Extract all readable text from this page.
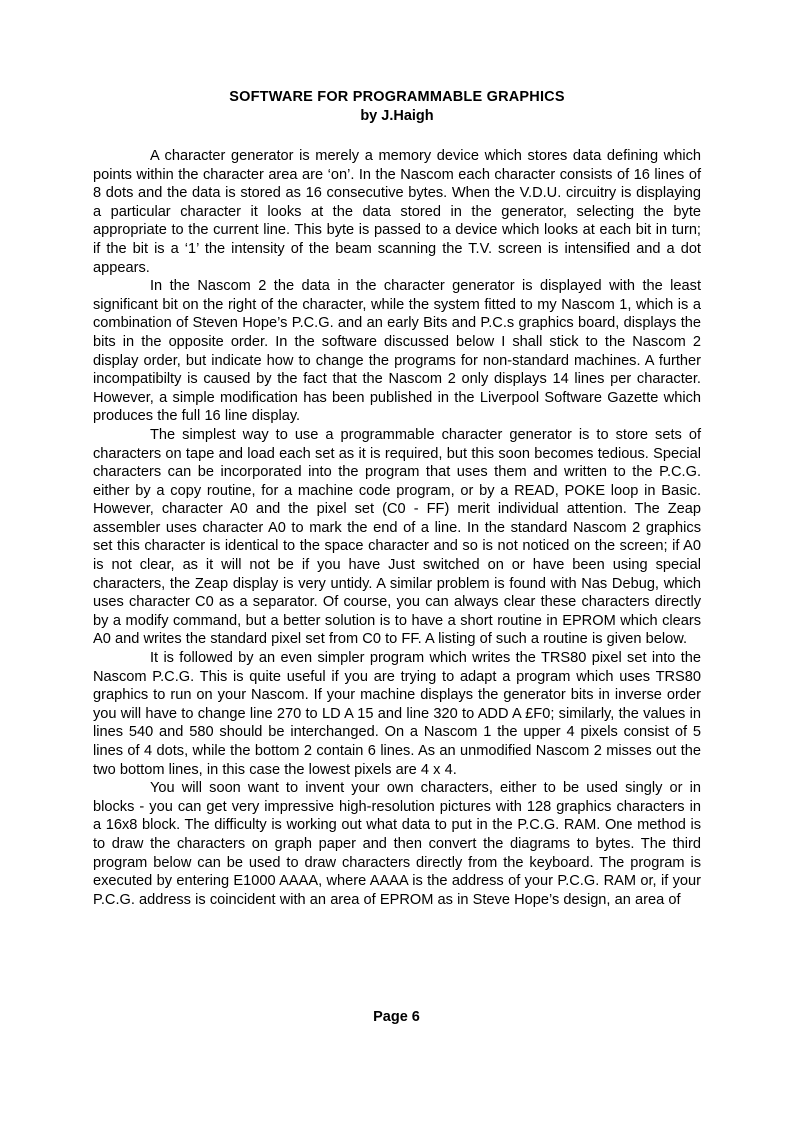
SOFTWARE FOR PROGRAMMABLE GRAPHICS
by J.Haigh

A character generator is merely a memory device which stores data defining which points within the character area are ‘on’. In the Nascom each character consists of 16 lines of 8 dots and the data is stored as 16 consecutive bytes. When the V.D.U. circuitry is displaying a particular character it looks at the data stored in the generator, selecting the byte appropriate to the current line. This byte is passed to a device which looks at each bit in turn; if the bit is a ‘1’ the intensity of the beam scanning the T.V. screen is intensified and a dot appears.

In the Nascom 2 the data in the character generator is displayed with the least significant bit on the right of the character, while the system fitted to my Nascom 1, which is a combination of Steven Hope’s P.C.G. and an early Bits and P.C.s graphics board, displays the bits in the opposite order. In the software discussed below I shall stick to the Nascom 2 display order, but indicate how to change the programs for non-standard machines. A further incompatibilty is caused by the fact that the Nascom 2 only displays 14 lines per character. However, a simple modification has been published in the Liverpool Software Gazette which produces the full 16 line display.

The simplest way to use a programmable character generator is to store sets of characters on tape and load each set as it is required, but this soon becomes tedious. Special characters can be incorporated into the program that uses them and written to the P.C.G. either by a copy routine, for a machine code program, or by a READ, POKE loop in Basic. However, character A0 and the pixel set (C0 - FF) merit individual attention. The Zeap assembler uses character A0 to mark the end of a line. In the standard Nascom 2 graphics set this character is identical to the space character and so is not noticed on the screen; if A0 is not clear, as it will not be if you have Just switched on or have been using special characters, the Zeap display is very untidy. A similar problem is found with Nas Debug, which uses character C0 as a separator. Of course, you can always clear these characters directly by a modify command, but a better solution is to have a short routine in EPROM which clears A0 and writes the standard pixel set from C0 to FF. A listing of such a routine is given below.

It is followed by an even simpler program which writes the TRS80 pixel set into the Nascom P.C.G. This is quite useful if you are trying to adapt a program which uses TRS80 graphics to run on your Nascom. If your machine displays the generator bits in inverse order you will have to change line 270 to LD A 15 and line 320 to ADD A £F0; similarly, the values in lines 540 and 580 should be interchanged. On a Nascom 1 the upper 4 pixels consist of 5 lines of 4 dots, while the bottom 2 contain 6 lines. As an unmodified Nascom 2 misses out the two bottom lines, in this case the lowest pixels are 4 x 4.

You will soon want to invent your own characters, either to be used singly or in blocks - you can get very impressive high-resolution pictures with 128 graphics characters in a 16x8 block. The difficulty is working out what data to put in the P.C.G. RAM. One method is to draw the characters on graph paper and then convert the diagrams to bytes. The third program below can be used to draw characters directly from the keyboard. The program is executed by entering E1000 AAAA, where AAAA is the address of your P.C.G. RAM or, if your P.C.G. address is coincident with an area of EPROM as in Steve Hope’s design, an area of

Page 6
